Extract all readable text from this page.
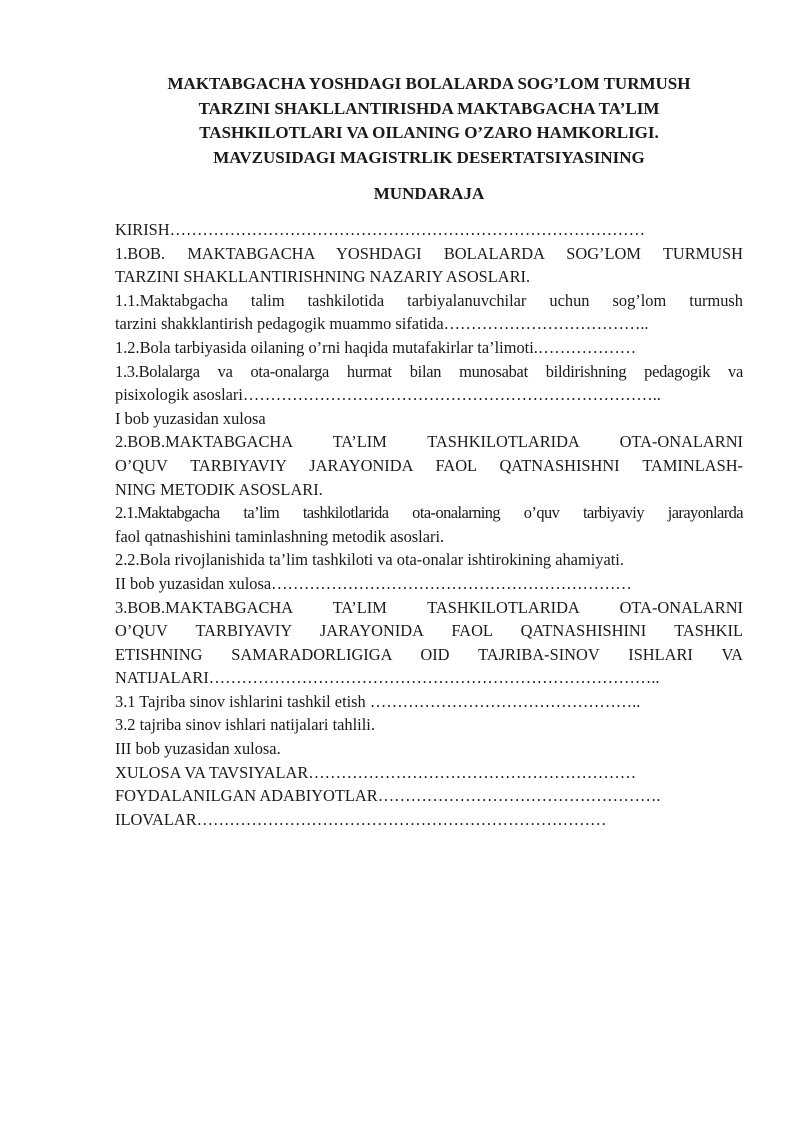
MAKTABGACHA YOSHDAGI BOLALARDA SOG’LOM TURMUSH
TARZINI SHAKLLANTIRISHDA MAKTABGACHA TA’LIM
TASHKILOTLARI VA OILANING O’ZARO HAMKORLIGI.
MAVZUSIDAGI MAGISTRLIK DESERTATSIYASINING
MUNDARAJA

KIRISH……………………………………………………………………………

1.BOB. MAKTABGACHA YOSHDAGI BOLALARDA SOG’LOM TURMUSH

TARZINI SHAKLLANTIRISHNING NAZARIY ASOSLARI.

1.1.Maktabgacha talim tashkilotida tarbiyalanuvchilar uchun sog’lom turmush

tarzini shakklantirish pedagogik muammo sifatida………………………………..

1.2.Bola tarbiyasida oilaning o’rni haqida mutafakirlar ta’limoti.………………

1.3.Bolalarga va ota-onalarga hurmat bilan munosabat bildirishning pedagogik va

pisixologik asoslari…………………………………………………………………..

I bob yuzasidan xulosa

2.BOB.MAKTABGACHA TA’LIM TASHKILOTLARIDA OTA-ONALARNI

O’QUV TARBIYAVIY JARAYONIDA FAOL QATNASHISHNI TAMINLASH-

NING METODIK ASOSLARI.

2.1.Maktabgacha ta’lim tashkilotlarida ota-onalarning o’quv tarbiyaviy jarayonlarda

faol qatnashishini taminlashning metodik asoslari.

2.2.Bola rivojlanishida ta’lim tashkiloti va ota-onalar ishtirokining ahamiyati.

II bob yuzasidan xulosa…………………………………………………………

3.BOB.MAKTABGACHA TA’LIM TASHKILOTLARIDA OTA-ONALARNI

O’QUV TARBIYAVIY JARAYONIDA FAOL QATNASHISHINI TASHKIL

ETISHNING SAMARADORLIGIGA OID TAJRIBA-SINOV ISHLARI VA

NATIJALARI………………………………………………………………………..

3.1 Tajriba sinov ishlarini tashkil etish …………………………………………..

3.2 tajriba sinov ishlari natijalari tahlili.

III bob yuzasidan xulosa.

XULOSA VA TAVSIYALAR……………………………………………………

FOYDALANILGAN ADABIYOTLAR…………………………………………….

ILOVALAR…………………………………………………………………
